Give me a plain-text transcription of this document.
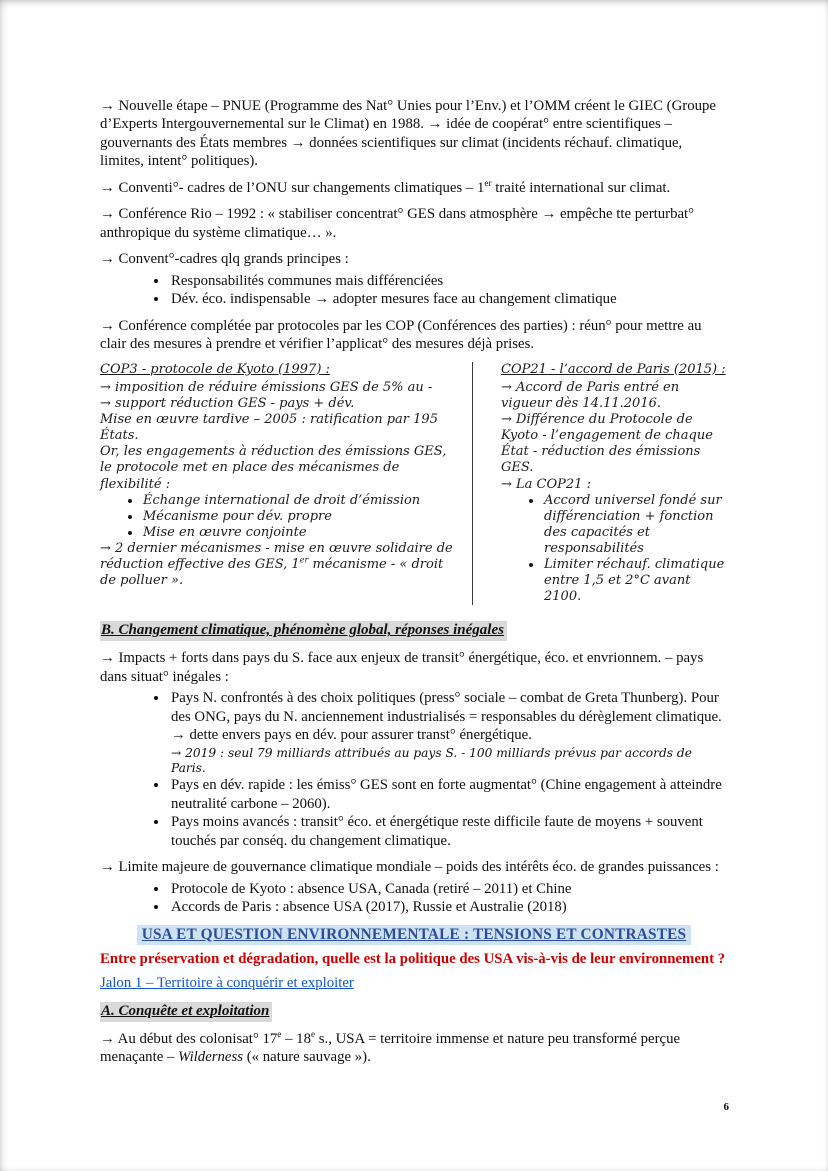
→ Nouvelle étape – PNUE (Programme des Nat° Unies pour l’Env.) et l’OMM créent le GIEC (Groupe d’Experts Intergouvernemental sur le Climat) en 1988. → idée de coopérat° entre scientifiques – gouvernants des États membres → données scientifiques sur climat (incidents réchauf. climatique, limites, intent° politiques).

→ Conventi°- cadres de l’ONU sur changements climatiques – 1er traité international sur climat.

→ Conférence Rio – 1992 : « stabiliser concentrat° GES dans atmosphère → empêche tte perturbat° anthropique du système climatique… ».

→ Convent°-cadres qlq grands principes :

• Responsabilités communes mais différenciées
• Dév. éco. indispensable → adopter mesures face au changement climatique

→ Conférence complétée par protocoles par les COP (Conférences des parties) : réun° pour mettre au clair des mesures à prendre et vérifier l’applicat° des mesures déjà prises.

COP3 - protocole de Kyoto (1997) :
→ imposition de réduire émissions GES de 5% au -
→ support réduction GES - pays + dév.
Mise en œuvre tardive – 2005 : ratification par 195 États.
Or, les engagements à réduction des émissions GES, le protocole met en place des mécanismes de flexibilité :
• Échange international de droit d’émission
• Mécanisme pour dév. propre
• Mise en œuvre conjointe
→ 2 dernier mécanismes - mise en œuvre solidaire de réduction effective des GES, 1er mécanisme - « droit de polluer ».
COP21 - l’accord de Paris (2015) :
→ Accord de Paris entré en vigueur dès 14.11.2016.
→ Différence du Protocole de Kyoto - l’engagement de chaque État - réduction des émissions GES.
→ La COP21 :
• Accord universel fondé sur différenciation + fonction des capacités et responsabilités
• Limiter réchauf. climatique entre 1,5 et 2°C avant 2100.
B. Changement climatique, phénomène global, réponses inégales

→ Impacts + forts dans pays du S. face aux enjeux de transit° énergétique, éco. et envrionnem. – pays dans situat° inégales :

• Pays N. confrontés à des choix politiques (press° sociale – combat de Greta Thunberg). Pour des ONG, pays du N. anciennement industrialisés = responsables du dérèglement climatique. → dette envers pays en dév. pour assurer transt° énergétique.
→ 2019 : seul 79 milliards attribués au pays S. - 100 milliards prévus par accords de Paris.
• Pays en dév. rapide : les émiss° GES sont en forte augmentat° (Chine engagement à atteindre neutralité carbone – 2060).
• Pays moins avancés : transit° éco. et énergétique reste difficile faute de moyens + souvent touchés par conséq. du changement climatique.

→ Limite majeure de gouvernance climatique mondiale – poids des intérêts éco. de grandes puissances :

• Protocole de Kyoto : absence USA, Canada (retiré – 2011) et Chine
• Accords de Paris : absence USA (2017), Russie et Australie (2018)
USA ET QUESTION ENVIRONNEMENTALE : TENSIONS ET CONTRASTES

Entre préservation et dégradation, quelle est la politique des USA vis-à-vis de leur environnement ?

Jalon 1 – Territoire à conquérir et exploiter

A. Conquête et exploitation

→ Au début des colonisat° 17e – 18e s., USA = territoire immense et nature peu transformé perçue menaçante – Wilderness (« nature sauvage »).

6
